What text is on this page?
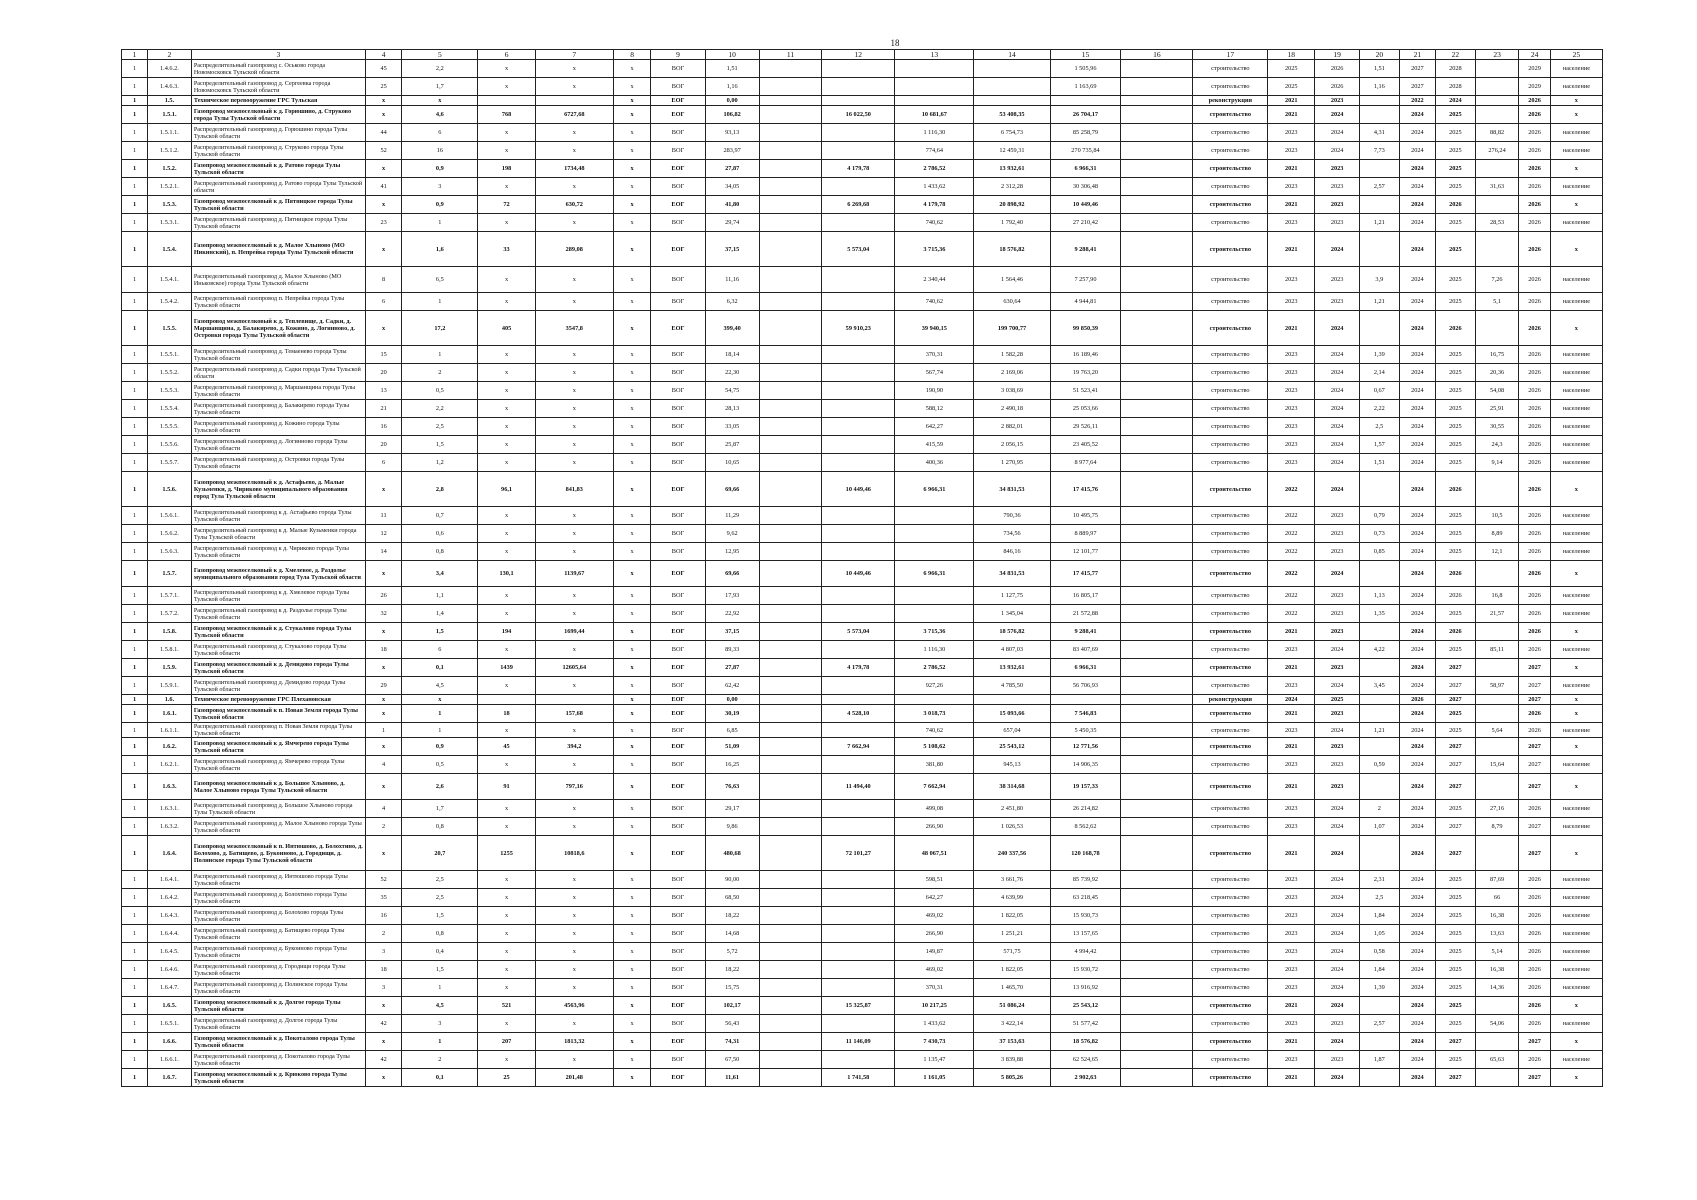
18
1	2	3	4	5	6	7	8	9	10	11	12	13	14	15	16	17	18	19	20	21	22	23	24	25
1	1.4.6.2.	Распределительный газопровод с. Оськово города Новомосковск Тульской области	45	2,2	х	х	х	ВОГ	1,51					1 505,96		строительство	2025	2026	1,51	2027	2028		2029	население
1	1.4.6.3.	Распределительный газопровод д. Сергеевка города Новомосковск Тульской области	25	1,7	х	х	х	ВОГ	1,16					1 163,69		строительство	2025	2026	1,16	2027	2028		2029	население
1	1.5.	Техническое перевооружение ГРС Тульская	х	х			х	ЕОГ	0,00							реконструкция	2021	2023		2022	2024		2026	х
1	1.5.1.	Газопровод межпоселковый к д. Горюшино, д. Струково города Тулы Тульской области	х	4,6	768	6727,68	х	ЕОГ	106,82		16 022,50	10 681,67	53 408,35	26 704,17		строительство	2021	2024		2024	2025		2026	х
1	1.5.1.1.	Распределительный газопровод д. Горюшино города Тулы Тульской области	44	6	х	х	х	ВОГ	93,13			1 116,30	6 754,73	85 258,79		строительство	2023	2024	4,31	2024	2025	88,82	2026	население
1	1.5.1.2.	Распределительный газопровод д. Струково города Тулы Тульской области	52	16	х	х	х	ВОГ	283,97			774,64	12 459,31	270 735,84		строительство	2023	2024	7,73	2024	2025	276,24	2026	население
1	1.5.2.	Газопровод межпоселковый к д. Ратово города Тулы Тульской области	х	0,9	198	1734,48	х	ЕОГ	27,87		4 179,78	2 786,52	13 932,61	6 966,31		строительство	2021	2023		2024	2025		2026	х
1	1.5.2.1.	Распределительный газопровод д. Ратово города Тулы Тульской области	41	3	х	х	х	ВОГ	34,05			1 433,62	2 312,28	30 306,48		строительство	2023	2023	2,57	2024	2025	31,63	2026	население
1	1.5.3.	Газопровод межпоселковый к д. Пятницкое города Тулы Тульской области	х	0,9	72	630,72	х	ЕОГ	41,80		6 269,68	4 179,78	20 898,92	10 449,46		строительство	2021	2023		2024	2026		2026	х
1	1.5.3.1.	Распределительный газопровод д. Пятницкое города Тулы Тульской области	23	1	х	х	х	ВОГ	29,74			740,62	1 792,40	27 210,42		строительство	2023	2023	1,21	2024	2025	28,53	2026	население
1	1.5.4.	Газопровод межпоселковый к д. Малое Хлыново (МО Никинский), п. Непрейка города Тулы Тульской области	х	1,6	33	289,08	х	ЕОГ	37,15		5 573,04	3 715,36	18 576,82	9 288,41		строительство	2021	2024		2024	2025		2026	х
1	1.5.4.1.	Распределительный газопровод д. Малое Хлыново (МО Иньковское) города Тулы Тульской области	8	6,5	х	х	х	ВОГ	11,16			2 340,44	1 564,46	7 257,90		строительство	2023	2023	3,9	2024	2025	7,26	2026	население
1	1.5.4.2.	Распределительный газопровод п. Непрейка города Тулы Тульской области	6	1	х	х	х	ВОГ	6,32			740,62	630,64	4 944,81		строительство	2023	2023	1,21	2024	2025	5,1	2026	население
1	1.5.5.	Газопровод межпоселковый к д. Теплевище, д. Садки, д. Маршанщина, д. Балакирево, д. Кожино, д. Логинново, д. Островки города Тулы Тульской области	х	17,2	405	3547,8	х	ЕОГ	399,40		59 910,23	39 940,15	199 700,77	99 850,39		строительство	2021	2024		2024	2026		2026	х
1	1.5.5.1.	Распределительный газопровод д. Темаенево города Тулы Тульской области	15	1	х	х	х	ВОГ	18,14			370,31	1 582,28	16 189,46		строительство	2023	2024	1,39	2024	2025	16,75	2026	население
1	1.5.5.2.	Распределительный газопровод д. Садки города Тулы Тульской области	20	2	х	х	х	ВОГ	22,30			567,74	2 169,06	19 763,20		строительство	2023	2024	2,14	2024	2025	20,36	2026	население
1	1.5.5.3.	Распределительный газопровод д. Маршанщина города Тулы Тульской области	13	0,5	х	х	х	ВОГ	54,75			190,90	3 038,69	51 523,41		строительство	2023	2024	0,67	2024	2025	54,08	2026	население
1	1.5.5.4.	Распределительный газопровод д. Балакирево города Тулы Тульской области	21	2,2	х	х	х	ВОГ	28,13			588,12	2 490,18	25 053,66		строительство	2023	2024	2,22	2024	2025	25,91	2026	население
1	1.5.5.5.	Распределительный газопровод д. Кожино города Тулы Тульской области	16	2,5	х	х	х	ВОГ	33,05			642,27	2 882,01	29 526,11		строительство	2023	2024	2,5	2024	2025	30,55	2026	население
1	1.5.5.6.	Распределительный газопровод д. Логинново города Тулы Тульской области	20	1,5	х	х	х	ВОГ	25,87			415,59	2 056,15	23 405,52		строительство	2023	2024	1,57	2024	2025	24,3	2026	население
1	1.5.5.7.	Распределительный газопровод д. Островки города Тулы Тульской области	6	1,2	х	х	х	ВОГ	10,65			400,36	1 270,95	8 977,64		строительство	2023	2024	1,51	2024	2025	9,14	2026	население
1	1.5.6.	Газопровод межпоселковый к д. Астафьево, д. Малые Кузьменки, д. Чириково муниципального образования город Тула Тульской области	х	2,8	96,1	841,83	х	ЕОГ	69,66		10 449,46	6 966,31	34 831,53	17 415,76		строительство	2022	2024		2024	2026		2026	х
1	1.5.6.1.	Распределительный газопровод к д. Астафьево города Тулы Тульской области	11	0,7	х	х	х	ВОГ	11,29				790,36	10 495,75		строительство	2022	2023	0,79	2024	2025	10,5	2026	население
1	1.5.6.2.	Распределительный газопровод к д. Малые Кузьменки города Тулы Тульской области	12	0,6	х	х	х	ВОГ	9,62				734,56	8 889,97		строительство	2022	2023	0,73	2024	2025	8,89	2026	население
1	1.5.6.3.	Распределительный газопровод к д. Чириково города Тулы Тульской области	14	0,8	х	х	х	ВОГ	12,95				846,16	12 101,77		строительство	2022	2023	0,85	2024	2025	12,1	2026	население
1	1.5.7.	Газопровод межпоселковый к д. Хмелевое, д. Раздолье муниципального образования город Тула Тульской области	х	3,4	130,1	1139,67	х	ЕОГ	69,66		10 449,46	6 966,31	34 831,53	17 415,77		строительство	2022	2024		2024	2026		2026	х
1	1.5.7.1.	Распределительный газопровод к д. Хмелевое города Тулы Тульской области	26	1,1	х	х	х	ВОГ	17,93				1 127,75	16 805,17		строительство	2022	2023	1,13	2024	2026	16,8	2026	население
1	1.5.7.2.	Распределительный газопровод к д. Раздолье города Тулы Тульской области	32	1,4	х	х	х	ВОГ	22,92				1 345,04	21 572,88		строительство	2022	2023	1,35	2024	2025	21,57	2026	население
1	1.5.8.	Газопровод межпоселковый к д. Стукалово города Тулы Тульской области	х	1,5	194	1699,44	х	ЕОГ	37,15		5 573,04	3 715,36	18 576,82	9 288,41		строительство	2021	2023		2024	2026		2026	х
1	1.5.8.1.	Распределительный газопровод д. Стукалово города Тулы Тульской области	18	6	х	х	х	ВОГ	89,33			1 116,30	4 807,03	83 407,69		строительство	2023	2024	4,22	2024	2025	85,11	2026	население
1	1.5.9.	Газопровод межпоселковый к д. Демидово города Тулы Тульской области	х	0,1	1439	12605,64	х	ЕОГ	27,87		4 179,78	2 786,52	13 932,61	6 966,31		строительство	2021	2023		2024	2027		2027	х
1	1.5.9.1.	Распределительный газопровод д. Демидово города Тулы Тульской области	29	4,5	х	х	х	ВОГ	62,42			927,26	4 785,50	56 706,93		строительство	2023	2024	3,45	2024	2027	58,97	2027	население
1	1.6.	Техническое перевооружение ГРС Плехановская	х	х			х	ЕОГ	0,00							реконструкция	2024	2025		2026	2027		2027	х
1	1.6.1.	Газопровод межпоселковый к п. Новая Земля города Тулы Тульской области	х	1	18	157,68	х	ЕОГ	30,19		4 528,10	3 018,73	15 093,66	7 546,83		строительство	2021	2023		2024	2025		2026	х
1	1.6.1.1.	Распределительный газопровод п. Новая Земля города Тулы Тульской области	1	1	х	х	х	ВОГ	6,85			740,62	657,04	5 450,35		строительство	2023	2024	1,21	2024	2025	5,64	2026	население
1	1.6.2.	Газопровод межпоселковый к д. Ямчерево города Тулы Тульской области	х	0,9	45	394,2	х	ЕОГ	51,09		7 662,94	5 108,62	25 543,12	12 771,56		строительство	2021	2023		2024	2027		2027	х
1	1.6.2.1.	Распределительный газопровод д. Ямчерево города Тулы Тульской области	4	0,5	х	х	х	ВОГ	16,25			381,80	945,13	14 906,35		строительство	2023	2023	0,59	2024	2027	15,64	2027	население
1	1.6.3.	Газопровод межпоселковый к д. Большое Хлыново, д. Малое Хлыново города Тулы Тульской области	х	2,6	91	797,16	х	ЕОГ	76,63		11 494,40	7 662,94	38 314,68	19 157,33		строительство	2021	2023		2024	2027		2027	х
1	1.6.3.1.	Распределительный газопровод д. Большое Хлыново города Тулы Тульской области	4	1,7	х	х	х	ВОГ	29,17			499,08	2 451,80	26 214,82		строительство	2023	2024	2	2024	2025	27,16	2026	население
1	1.6.3.2.	Распределительный газопровод д. Малое Хлыново города Тулы Тульской области	2	0,8	х	х	х	ВОГ	9,86			266,90	1 026,53	8 562,62		строительство	2023	2024	1,07	2024	2027	8,79	2027	население
1	1.6.4.	Газопровод межпоселковый к п. Интюшово, д. Болохтино, д. Болохово, д. Батищево, д. Букоиново, д. Городищи, д. Полинское города Тулы Тульской области	х	20,7	1255	10818,6	х	ЕОГ	480,68		72 101,27	48 067,51	240 337,56	120 168,78		строительство	2021	2024		2024	2027		2027	х
1	1.6.4.1.	Распределительный газопровод д. Интюшово города Тулы Тульской области	52	2,5	х	х	х	ВОГ	90,00			598,51	3 661,76	85 739,92		строительство	2023	2024	2,31	2024	2025	87,69	2026	население
1	1.6.4.2.	Распределительный газопровод д. Болохтино города Тулы Тульской области	35	2,5	х	х	х	ВОГ	68,50			642,27	4 639,99	63 218,45		строительство	2023	2024	2,5	2024	2025	66	2026	население
1	1.6.4.3.	Распределительный газопровод д. Болохово города Тулы Тульской области	16	1,5	х	х	х	ВОГ	18,22			469,02	1 822,05	15 930,73		строительство	2023	2024	1,84	2024	2025	16,38	2026	население
1	1.6.4.4.	Распределительный газопровод д. Батищево города Тулы Тульской области	2	0,8	х	х	х	ВОГ	14,68			266,90	1 251,21	13 157,65		строительство	2023	2024	1,05	2024	2025	13,63	2026	население
1	1.6.4.5.	Распределительный газопровод д. Букоиново города Тулы Тульской области	3	0,4	х	х	х	ВОГ	5,72			149,87	571,75	4 994,42		строительство	2023	2024	0,58	2024	2025	5,14	2026	население
1	1.6.4.6.	Распределительный газопровод д. Городищи города Тулы Тульской области	18	1,5	х	х	х	ВОГ	18,22			469,02	1 822,05	15 930,72		строительство	2023	2024	1,84	2024	2025	16,38	2026	население
1	1.6.4.7.	Распределительный газопровод д. Полинское города Тулы Тульской области	3	1	х	х	х	ВОГ	15,75			370,31	1 465,70	13 916,92		строительство	2023	2024	1,39	2024	2025	14,36	2026	население
1	1.6.5.	Газопровод межпоселковый к д. Долгое города Тулы Тульской области	х	4,5	521	4563,96	х	ЕОГ	102,17		15 325,87	10 217,25	51 086,24	25 543,12		строительство	2021	2024		2024	2025		2026	х
1	1.6.5.1.	Распределительный газопровод д. Долгое города Тулы Тульской области	42	3	х	х	х	ВОГ	56,43			1 433,62	3 422,14	51 577,42		строительство	2023	2023	2,57	2024	2025	54,06	2026	население
1	1.6.6.	Газопровод межпоселковый к д. Покоталово города Тулы Тульской области	х	1	207	1813,32	х	ЕОГ	74,31		11 146,09	7 430,73	37 153,63	18 576,82		строительство	2021	2024		2024	2027		2027	х
1	1.6.6.1.	Распределительный газопровод д. Покоталово города Тулы Тульской области	42	2	х	х	х	ВОГ	67,50			1 135,47	3 839,88	62 524,65		строительство	2023	2023	1,87	2024	2025	65,63	2026	население
1	1.6.7.	Газопровод межпоселковый к д. Крюково города Тулы Тульской области	х	0,1	25	201,48	х	ЕОГ	11,61		1 741,58	1 161,05	5 805,26	2 902,63		строительство	2021	2024		2024	2027		2027	х
